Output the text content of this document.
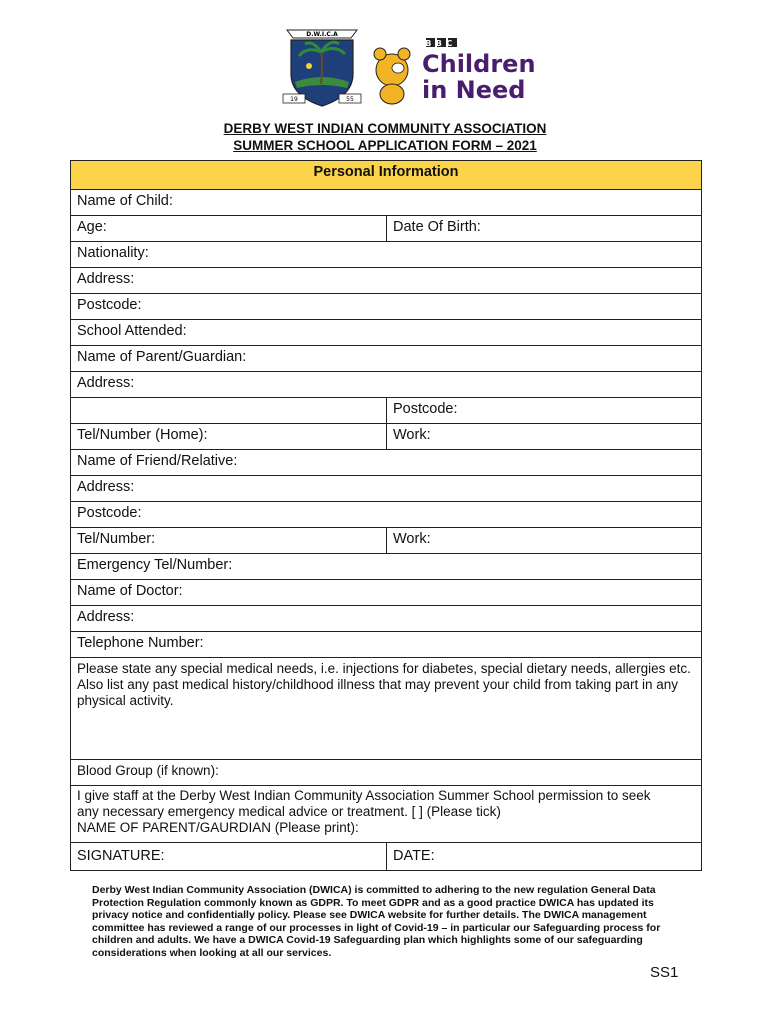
D.W.I.C.A
19	55
BBC
Children
in Need
DERBY WEST INDIAN COMMUNITY ASSOCIATION
SUMMER SCHOOL APPLICATION FORM – 2021
Personal Information	
Name of Child:	
Age:	Date Of Birth:
Nationality:	
Address:	
Postcode:	
School Attended:	
Name of Parent/Guardian:	
Address:	
	Postcode:
Tel/Number (Home):	Work:
Name of Friend/Relative:	
Address:	
Postcode:	
Tel/Number:	Work:
Emergency Tel/Number:	
Name of Doctor:	
Address:	
Telephone Number:	
Please state any special medical needs, i.e. injections for diabetes, special dietary needs, allergies etc. Also list any past medical history/childhood illness that may prevent your child from taking part in any physical activity.	
Blood Group (if known):	

I give staff at the Derby West Indian Community Association Summer School permission to seek
any necessary emergency medical advice or treatment. [ ] (Please tick)
NAME OF PARENT/GAURDIAN (Please print):	

SIGNATURE:	DATE:
Derby West Indian Community Association (DWICA) is committed to adhering to the new regulation General Data Protection Regulation commonly known as GDPR. To meet GDPR and as a good practice DWICA has updated its privacy notice and confidentially policy. Please see DWICA website for further details. The DWICA management committee has reviewed a range of our processes in light of Covid-19 – in particular our Safeguarding process for children and adults. We have a DWICA Covid-19 Safeguarding plan which highlights some of our safeguarding considerations when looking at all our services.
SS1
